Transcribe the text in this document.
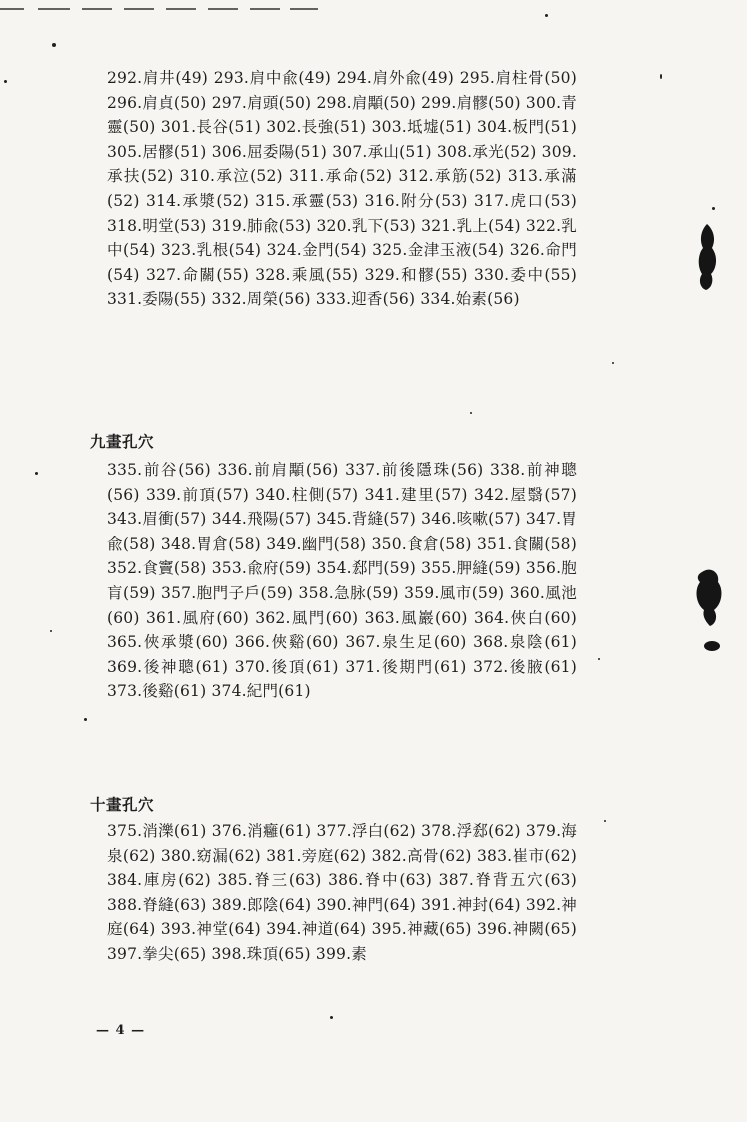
292.肩井(49) 293.肩中兪(49) 294.肩外兪(49) 295.肩柱骨(50) 296.肩貞(50) 297.肩頭(50) 298.肩顒(50) 299.肩髎(50) 300.青靈(50) 301.長谷(51) 302.長強(51) 303.坻墟(51) 304.板門(51) 305.居髎(51) 306.屈委陽(51) 307.承山(51) 308.承光(52) 309.承扶(52) 310.承泣(52) 311.承命(52) 312.承筋(52) 313.承滿(52) 314.承漿(52) 315.承靈(53) 316.附分(53) 317.虎口(53) 318.明堂(53) 319.肺兪(53) 320.乳下(53) 321.乳上(54) 322.乳中(54) 323.乳根(54) 324.金門(54) 325.金津玉液(54) 326.命門(54) 327.命關(55) 328.乘風(55) 329.和髎(55) 330.委中(55) 331.委陽(55) 332.周榮(56) 333.迎香(56) 334.始素(56)

九畫孔穴

335.前谷(56) 336.前肩顒(56) 337.前後隱珠(56) 338.前神聰(56) 339.前頂(57) 340.柱側(57) 341.建里(57) 342.屋翳(57) 343.眉衝(57) 344.飛陽(57) 345.背縫(57) 346.咳嗽(57) 347.胃兪(58) 348.胃倉(58) 349.幽門(58) 350.食倉(58) 351.食關(58) 352.食竇(58) 353.兪府(59) 354.郄門(59) 355.胛縫(59) 356.胞肓(59) 357.胞門子戶(59) 358.急脉(59) 359.風市(59) 360.風池(60) 361.風府(60) 362.風門(60) 363.風巖(60) 364.俠白(60) 365.俠承漿(60) 366.俠谿(60) 367.泉生足(60) 368.泉陰(61) 369.後神聰(61) 370.後頂(61) 371.後期門(61) 372.後腋(61) 373.後谿(61) 374.紀門(61)

十畫孔穴

375.消濼(61) 376.消癰(61) 377.浮白(62) 378.浮郄(62) 379.海泉(62) 380.窈漏(62) 381.旁庭(62) 382.高骨(62) 383.崔市(62) 384.庫房(62) 385.脊三(63) 386.脊中(63) 387.脊背五穴(63) 388.脊縫(63) 389.郎陰(64) 390.神門(64) 391.神封(64) 392.神庭(64) 393.神堂(64) 394.神道(64) 395.神藏(65) 396.神闕(65) 397.拳尖(65) 398.珠頂(65) 399.素

— 4 —
